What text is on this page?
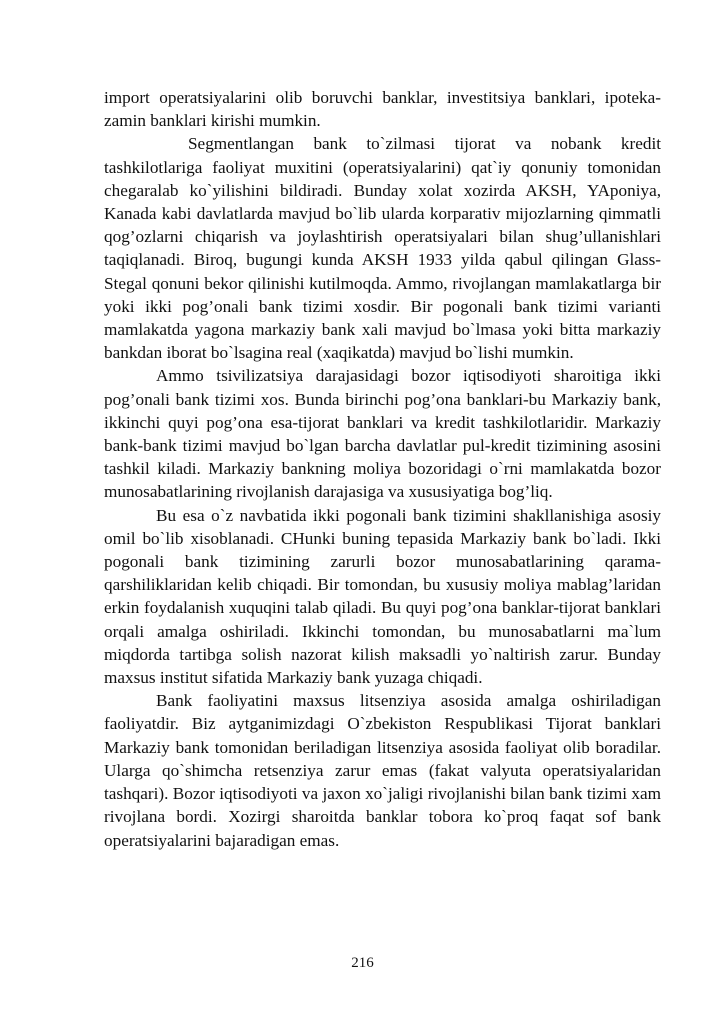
import operatsiyalarini olib boruvchi banklar, investitsiya banklari, ipoteka-zamin banklari kirishi mumkin.

Segmentlangan bank to`zilmasi tijorat va nobank kredit tashkilotlariga faoliyat muxitini (operatsiyalarini) qat`iy qonuniy tomonidan chegaralab ko`yilishini bildiradi. Bunday xolat xozirda AKSH, YAponiya, Kanada kabi davlatlarda mavjud bo`lib ularda korparativ mijozlarning qimmatli qog’ozlarni chiqarish va joylashtirish operatsiyalari bilan shug’ullanishlari taqiqlanadi. Biroq, bugungi kunda AKSH 1933 yilda qabul qilingan Glass-Stegal qonuni bekor qilinishi kutilmoqda. Ammo, rivojlangan mamlakatlarga bir yoki ikki pog’onali bank tizimi xosdir. Bir pogonali bank tizimi varianti mamlakatda yagona markaziy bank xali mavjud bo`lmasa yoki bitta markaziy bankdan iborat bo`lsagina real (xaqikatda) mavjud bo`lishi mumkin.

Ammo tsivilizatsiya darajasidagi bozor iqtisodiyoti sharoitiga ikki pog’onali bank tizimi xos. Bunda birinchi pog’ona banklari-bu Markaziy bank, ikkinchi quyi pog’ona esa-tijorat banklari va kredit tashkilotlaridir. Markaziy bank-bank tizimi mavjud bo`lgan barcha davlatlar pul-kredit tizimining asosini tashkil kiladi. Markaziy bankning moliya bozoridagi o`rni mamlakatda bozor munosabatlarining rivojlanish darajasiga va xususiyatiga bog’liq.

Bu esa o`z navbatida ikki pogonali bank tizimini shakllanishiga asosiy omil bo`lib xisoblanadi. CHunki buning tepasida Markaziy bank bo`ladi. Ikki pogonali bank tizimining zarurli bozor munosabatlarining qarama-qarshiliklaridan kelib chiqadi. Bir tomondan, bu xususiy moliya mablag’laridan erkin foydalanish xuquqini talab qiladi. Bu quyi pog’ona banklar-tijorat banklari orqali amalga oshiriladi. Ikkinchi tomondan, bu munosabatlarni ma`lum miqdorda tartibga solish nazorat kilish maksadli yo`naltirish zarur. Bunday maxsus institut sifatida Markaziy bank yuzaga chiqadi.

Bank faoliyatini maxsus litsenziya asosida amalga oshiriladigan faoliyatdir. Biz aytganimizdagi O`zbekiston Respublikasi Tijorat banklari Markaziy bank tomonidan beriladigan litsenziya asosida faoliyat olib boradilar. Ularga qo`shimcha retsenziya zarur emas (fakat valyuta operatsiyalaridan tashqari). Bozor iqtisodiyoti va jaxon xo`jaligi rivojlanishi bilan bank tizimi xam rivojlana bordi. Xozirgi sharoitda banklar tobora ko`proq faqat sof bank operatsiyalarini bajaradigan emas.

216
